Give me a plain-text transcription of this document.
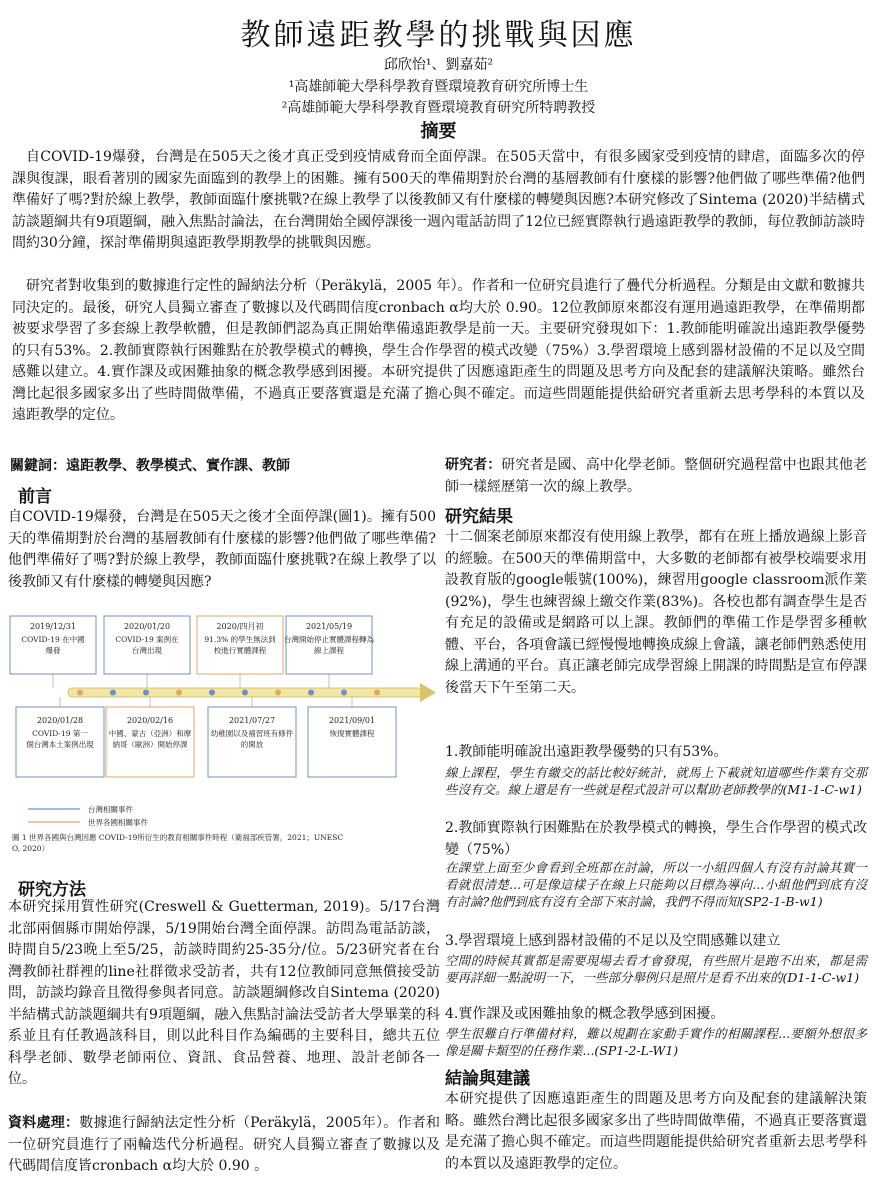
教師遠距教學的挑戰與因應
邱欣怡¹、劉嘉茹²
¹高雄師範大學科學教育暨環境教育研究所博士生
²高雄師範大學科學教育暨環境教育研究所特聘教授
摘要
自COVID-19爆發，台灣是在505天之後才真正受到疫情威脅而全面停課。在505天當中，有很多國家受到疫情的肆虐，面臨多次的停課與復課，眼看著別的國家先面臨到的教學上的困難。擁有500天的準備期對於台灣的基層教師有什麼樣的影響?他們做了哪些準備?他們準備好了嗎?對於線上教學，教師面臨什麼挑戰?在線上教學了以後教師又有什麼樣的轉變與因應?本研究修改了Sintema (2020)半結構式訪談題綱共有9項題綱，融入焦點討論法，在台灣開始全國停課後一週內電話訪問了12位已經實際執行過遠距教學的教師，每位教師訪談時間約30分鐘，探討準備期與遠距教學期教學的挑戰與因應。
研究者對收集到的數據進行定性的歸納法分析（Peräkylä，2005 年）。作者和一位研究員進行了疊代分析過程。分類是由文獻和數據共同決定的。最後，研究人員獨立審查了數據以及代碼間信度cronbach α均大於 0.90。12位教師原來都沒有運用過遠距教學，在準備期都被要求學習了多套線上教學軟體，但是教師們認為真正開始準備遠距教學是前一天。主要研究發現如下：1.教師能明確說出遠距教學優勢的只有53%。2.教師實際執行困難點在於教學模式的轉換，學生合作學習的模式改變（75%）3.學習環境上感到器材設備的不足以及空間感難以建立。4.實作課及或困難抽象的概念教學感到困擾。本研究提供了因應遠距產生的問題及思考方向及配套的建議解決策略。雖然台灣比起很多國家多出了些時間做準備，不過真正要落實還是充滿了擔心與不確定。而這些問題能提供給研究者重新去思考學科的本質以及遠距教學的定位。
關鍵詞：遠距教學、教學模式、實作課、教師
前言
自COVID-19爆發，台灣是在505天之後才全面停課(圖1)。擁有500天的準備期對於台灣的基層教師有什麼樣的影響?他們做了哪些準備?他們準備好了嗎?對於線上教學，教師面臨什麼挑戰?在線上教學了以後教師又有什麼樣的轉變與因應?
2019/12/31
COVID-19 在中國爆發
2020/01/20
COVID-19 案例在台灣出現
2020/四月初
91.3% 的學生無法到校進行實體課程
2021/05/19
台灣開始停止實體課程轉為線上課程
2020/01/28
COVID-19 第一個台灣本土案例出現
2020/02/16
中國、蒙古（亞洲）和摩納哥（歐洲）開始停課
2021/07/27
幼稚園以及補習班有條件的開放
2021/09/01
恢復實體課程
台灣相關事件
世界各國相關事件
圖 1 世界各國與台灣因應 COVID-19所衍生的教育相關事件時程（衛福部疾管署，2021；UNESC O, 2020）
研究方法
本研究採用質性研究(Creswell & Guetterman, 2019)。5/17台灣北部兩個縣市開始停課，5/19開始台灣全面停課。訪問為電話訪談，時間自5/23晚上至5/25，訪談時間約25-35分/位。5/23研究者在台灣教師社群裡的line社群徵求受訪者，共有12位教師同意無償接受訪問，訪談均錄音且徵得參與者同意。訪談題綱修改自Sintema (2020)半結構式訪談題綱共有9項題綱，融入焦點討論法受訪者大學畢業的科系並且有任教過該科目，則以此科目作為編碼的主要科目，總共五位科學老師、數學老師兩位、資訊、食品營養、地理、設計老師各一位。
資料處理：數據進行歸納法定性分析（Peräkylä，2005年）。作者和一位研究員進行了兩輪迭代分析過程。研究人員獨立審查了數據以及代碼間信度皆cronbach α均大於 0.90 。
研究者：研究者是國、高中化學老師。整個研究過程當中也跟其他老師一樣經歷第一次的線上教學。
研究結果
十二個案老師原來都沒有使用線上教學，都有在班上播放過線上影音的經驗。在500天的準備期當中，大多數的老師都有被學校端要求用設教育版的google帳號(100%)，練習用google classroom派作業(92%)，學生也練習線上繳交作業(83%)。各校也都有調查學生是否有充足的設備或是網路可以上課。教師們的準備工作是學習多種軟體、平台，各項會議已經慢慢地轉換成線上會議，讓老師們熟悉使用線上溝通的平台。真正讓老師完成學習線上開課的時間點是宣布停課後當天下午至第二天。
1.教師能明確說出遠距教學優勢的只有53%。
線上課程，學生有繳交的話比較好統計，就馬上下載就知道哪些作業有交那些沒有交。線上還是有一些就是程式設計可以幫助老師教學的(M1-1-C-w1)
2.教師實際執行困難點在於教學模式的轉換，學生合作學習的模式改變（75%）
在課堂上面至少會看到全班都在討論，所以一小組四個人有沒有討論其實一看就很清楚...可是像這樣子在線上只能夠以目標為導向...小組他們到底有沒有討論?他們到底有沒有全部下來討論，我們不得而知(SP2-1-B-w1)
3.學習環境上感到器材設備的不足以及空間感難以建立
空間的時候其實都是需要現場去看才會發現，有些照片是跑不出來，都是需要再詳細一點說明一下，一些部分舉例只是照片是看不出來的(D1-1-C-w1)
4.實作課及或困難抽象的概念教學感到困擾。
學生很難自行準備材料，難以規劃在家動手實作的相關課程...要額外想很多像是關卡類型的任務作業...(SP1-2-L-W1)
結論與建議
本研究提供了因應遠距產生的問題及思考方向及配套的建議解決策略。雖然台灣比起很多國家多出了些時間做準備，不過真正要落實還是充滿了擔心與不確定。而這些問題能提供給研究者重新去思考學科的本質以及遠距教學的定位。
